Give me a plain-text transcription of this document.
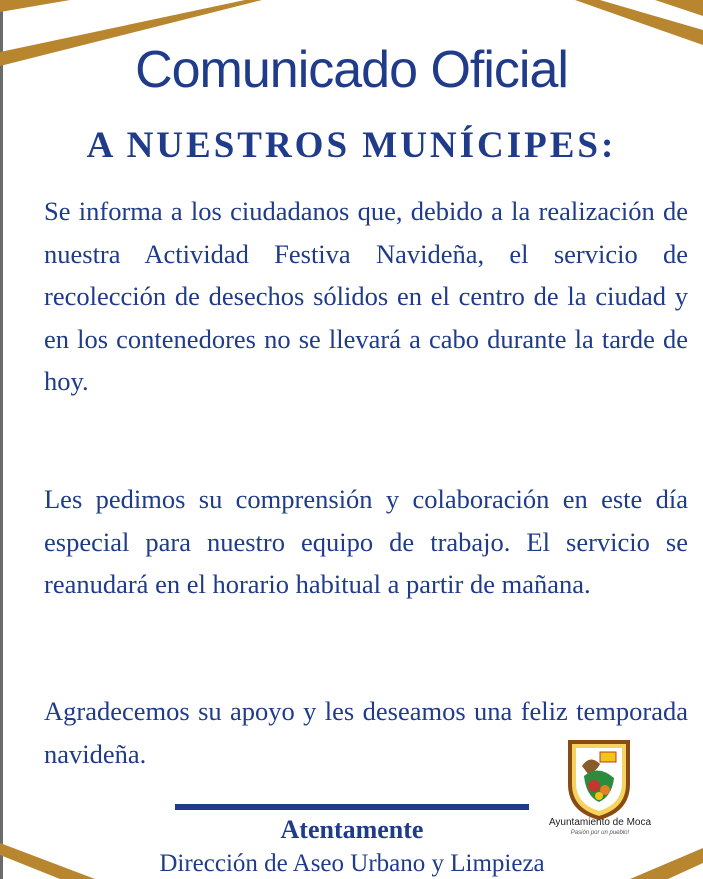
Comunicado Oficial
A NUESTROS MUNÍCIPES:

Se informa a los ciudadanos que, debido a la realización de nuestra Actividad Festiva Navideña, el servicio de recolección de desechos sólidos en el centro de la ciudad y en los contenedores no se llevará a cabo durante la tarde de hoy.

Les pedimos su comprensión y colaboración en este día especial para nuestro equipo de trabajo. El servicio se reanudará en el horario habitual a partir de mañana.

Agradecemos su apoyo y les deseamos una feliz temporada navideña.

Atentamente
Dirección de Aseo Urbano y Limpieza
Ayuntamiento de Moca
Pasión por un pueblo!
